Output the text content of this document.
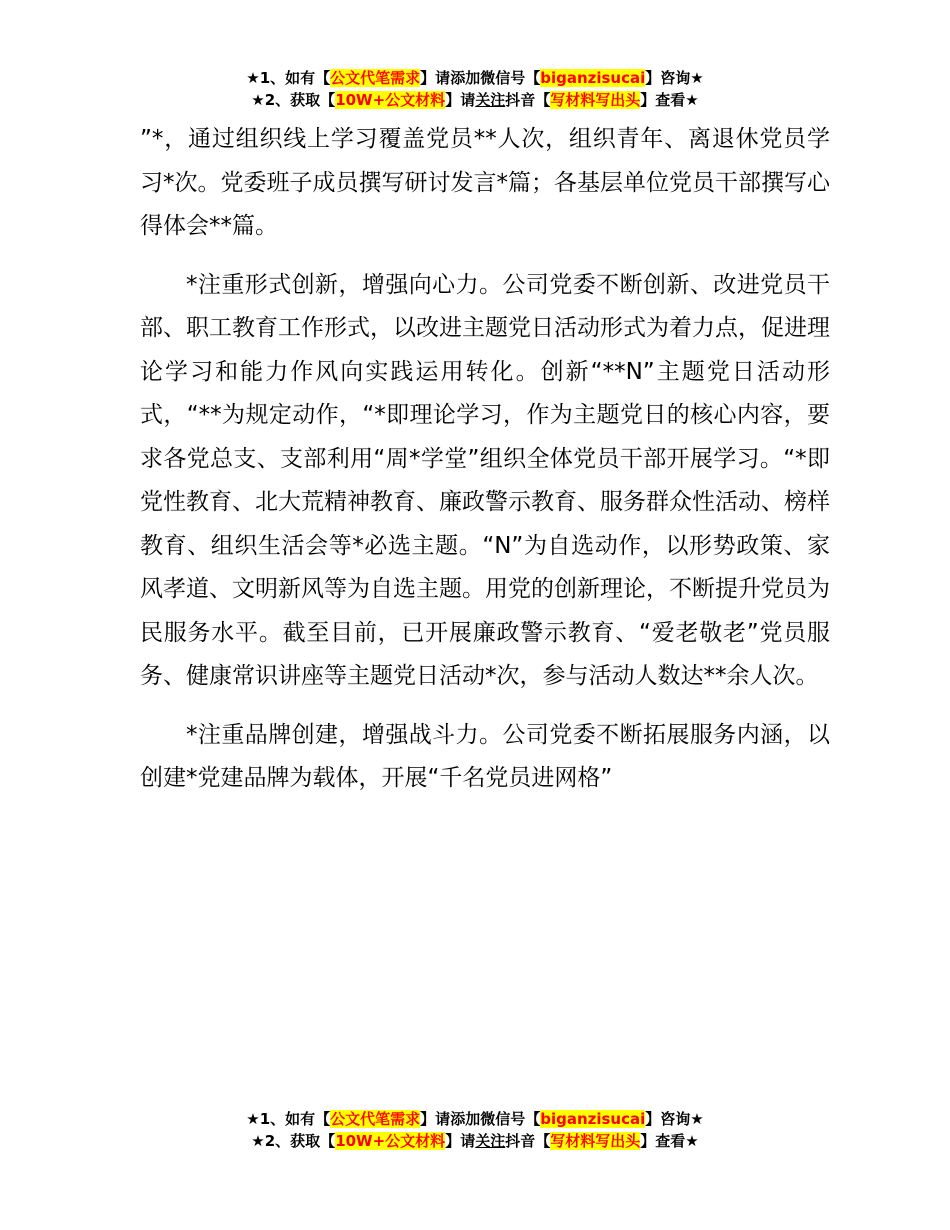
★1、如有【公文代笔需求】请添加微信号【biganzisucai】咨询★
★2、获取【10W+公文材料】请关注抖音【写材料写出头】查看★

”*，通过组织线上学习覆盖党员**人次，组织青年、离退休党员学习*次。党委班子成员撰写研讨发言*篇；各基层单位党员干部撰写心得体会**篇。

*注重形式创新，增强向心力。公司党委不断创新、改进党员干部、职工教育工作形式，以改进主题党日活动形式为着力点，促进理论学习和能力作风向实践运用转化。创新“**N”主题党日活动形式，“**为规定动作，“*即理论学习，作为主题党日的核心内容，要求各党总支、支部利用“周*学堂”组织全体党员干部开展学习。“*即党性教育、北大荒精神教育、廉政警示教育、服务群众性活动、榜样教育、组织生活会等*必选主题。“N”为自选动作，以形势政策、家风孝道、文明新风等为自选主题。用党的创新理论，不断提升党员为民服务水平。截至目前，已开展廉政警示教育、“爱老敬老”党员服务、健康常识讲座等主题党日活动*次，参与活动人数达**余人次。

*注重品牌创建，增强战斗力。公司党委不断拓展服务内涵，以创建*党建品牌为载体，开展“千名党员进网格”

★1、如有【公文代笔需求】请添加微信号【biganzisucai】咨询★
★2、获取【10W+公文材料】请关注抖音【写材料写出头】查看★
